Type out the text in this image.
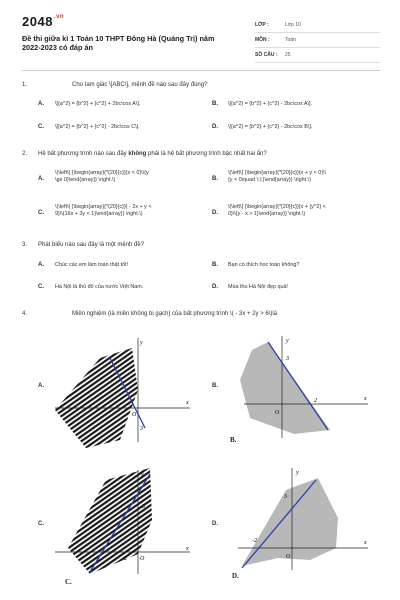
$2048^{.vn}$
Đề thi giữa kì 1 Toán 10 THPT Đông Hà (Quảng Trị) năm 2022-2023 có đáp án
LỚP :	Lớp 10
MÔN :	Toán
SỐ CÂU :	25
1.	Cho tam giác \[ABC\], mệnh đề nào sau đây đúng?
A. \[{a^2} = {b^2} + {c^2} + 2bc\cos A\].	B. \[{a^2} = {b^2} + {c^2} - 2bc\cos A\].
C. \[{a^2} = {b^2} + {c^2} - 2bc\cos C\].	D. \[{a^2} = {b^2} + {c^2} - 2bc\cos B\].
2. Hệ bất phương trình nào sau đây không phải là hệ bất phương trình bậc nhất hai ẩn?
A.
\(\left\{ {\begin{array}{*{20}{c}}{x < 0}\\{y
\ge 0}\end{array}} \right.\)	B.
\(\left\{ {\begin{array}{*{20}{c}}{x + y < 0}\\
{y < 0\quad \;\;}\end{array}} \right.\)
C.
\(\left\{ {\begin{array}{*{20}{c}}{ - 2x + y <
9}\\{16x + 3y < 1}\end{array}} \right.\)	D.
\(\left\{ {\begin{array}{*{20}{c}}{x + {y^2} <
0}\\{y - x > 1}\end{array}} \right.\)
3. Phát biểu nào sau đây là một mệnh đề?
A. Chúc các em làm toán thật tốt!	B. Bạn có thích học toán không?
C. Hà Nội là thủ đô của nước Việt Nam.	D. Mùa thu Hà Nội đẹp quá!
4.	Miền nghiệm (là miền không bị gạch) của bất phương trình \( - 3x + 2y > 6\)là
A.
y
x
-2
O
3
B.
y
x
3
O
2
B.
C.
y
x
-2 O
3
C.
D.
y
x
3
-2
O
D.
